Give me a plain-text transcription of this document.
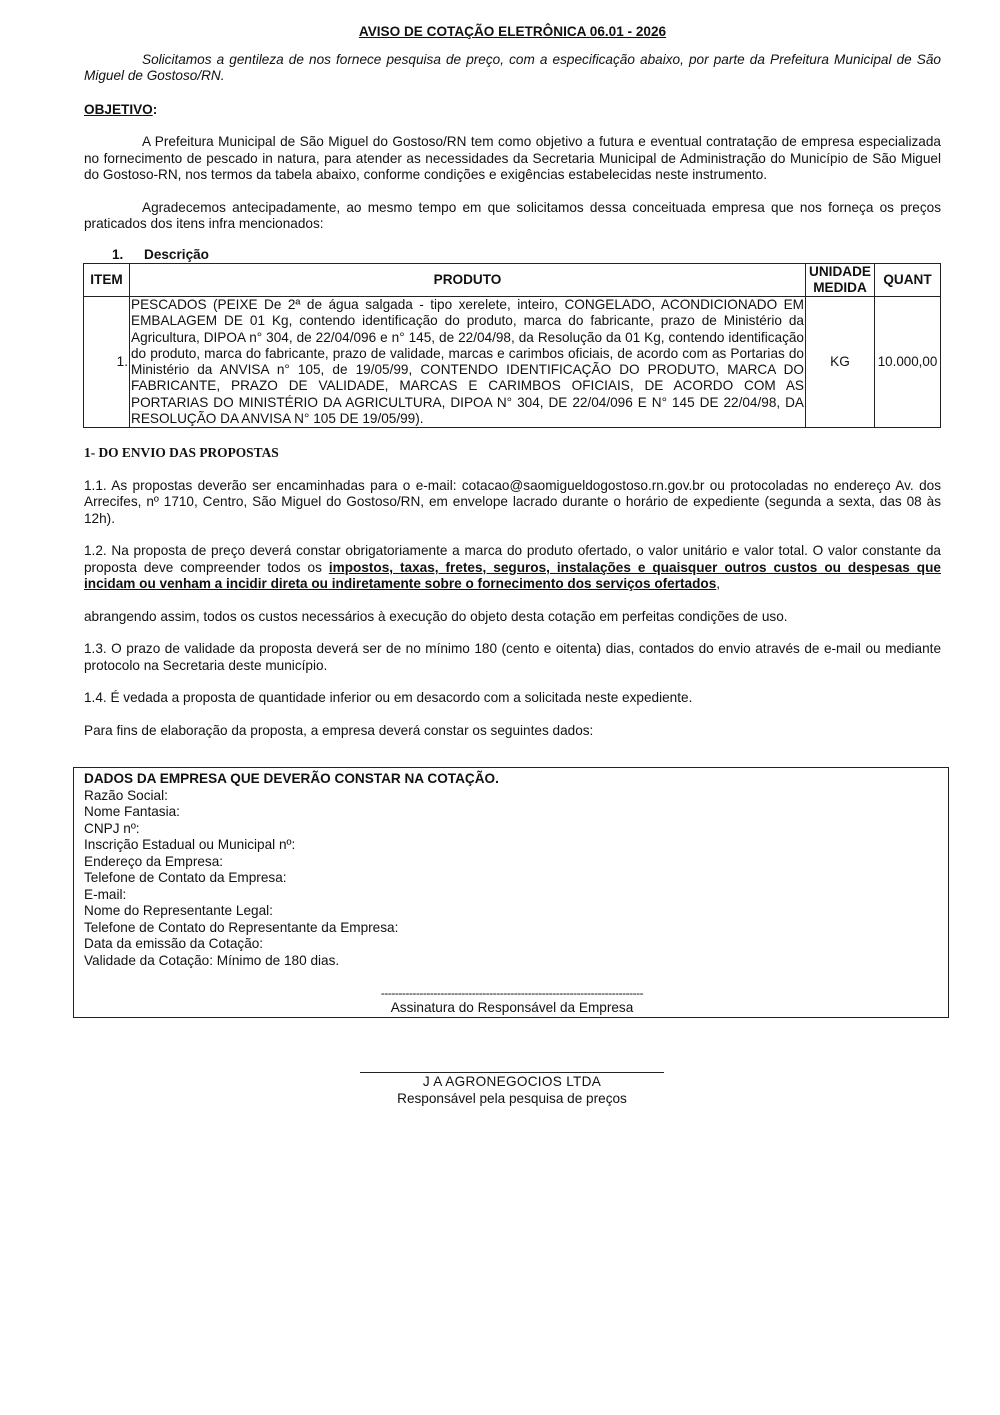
AVISO DE COTAÇÃO ELETRÔNICA 06.01 - 2026

Solicitamos a gentileza de nos fornece pesquisa de preço, com a especificação abaixo, por parte da Prefeitura Municipal de São Miguel de Gostoso/RN.

OBJETIVO:

A Prefeitura Municipal de São Miguel do Gostoso/RN tem como objetivo a futura e eventual contratação de empresa especializada no fornecimento de pescado in natura, para atender as necessidades da Secretaria Municipal de Administração do Município de São Miguel do Gostoso-RN, nos termos da tabela abaixo, conforme condições e exigências estabelecidas neste instrumento.

Agradecemos antecipadamente, ao mesmo tempo em que solicitamos dessa conceituada empresa que nos forneça os preços praticados dos itens infra mencionados:

1. Descrição
ITEM	PRODUTO	UNIDADE MEDIDA	QUANT
1.	PESCADOS (PEIXE De 2ª de água salgada - tipo xerelete, inteiro, CONGELADO, ACONDICIONADO EM EMBALAGEM DE 01 Kg, contendo identificação do produto, marca do fabricante, prazo de Ministério da Agricultura, DIPOA n° 304, de 22/04/096 e n° 145, de 22/04/98, da Resolução da 01 Kg, contendo identificação do produto, marca do fabricante, prazo de validade, marcas e carimbos oficiais, de acordo com as Portarias do Ministério da ANVISA n° 105, de 19/05/99, CONTENDO IDENTIFICAÇÃO DO PRODUTO, MARCA DO FABRICANTE, PRAZO DE VALIDADE, MARCAS E CARIMBOS OFICIAIS, DE ACORDO COM AS PORTARIAS DO MINISTÉRIO DA AGRICULTURA, DIPOA N° 304, DE 22/04/096 E N° 145 DE 22/04/98, DA RESOLUÇÃO DA ANVISA N° 105 DE 19/05/99).	KG	10.000,00
1- DO ENVIO DAS PROPOSTAS

1.1. As propostas deverão ser encaminhadas para o e-mail: cotacao@saomigueldogostoso.rn.gov.br ou protocoladas no endereço Av. dos Arrecifes, nº 1710, Centro, São Miguel do Gostoso/RN, em envelope lacrado durante o horário de expediente (segunda a sexta, das 08 às 12h).

1.2. Na proposta de preço deverá constar obrigatoriamente a marca do produto ofertado, o valor unitário e valor total. O valor constante da proposta deve compreender todos os impostos, taxas, fretes, seguros, instalações e quaisquer outros custos ou despesas que incidam ou venham a incidir direta ou indiretamente sobre o fornecimento dos serviços ofertados,

abrangendo assim, todos os custos necessários à execução do objeto desta cotação em perfeitas condições de uso.

1.3. O prazo de validade da proposta deverá ser de no mínimo 180 (cento e oitenta) dias, contados do envio através de e-mail ou mediante protocolo na Secretaria deste município.

1.4. É vedada a proposta de quantidade inferior ou em desacordo com a solicitada neste expediente.

Para fins de elaboração da proposta, a empresa deverá constar os seguintes dados:

DADOS DA EMPRESA QUE DEVERÃO CONSTAR NA COTAÇÃO.
Razão Social:
Nome Fantasia:
CNPJ nº:
Inscrição Estadual ou Municipal nº:
Endereço da Empresa:
Telefone de Contato da Empresa:
E-mail:
Nome do Representante Legal:
Telefone de Contato do Representante da Empresa:
Data da emissão da Cotação:
Validade da Cotação: Mínimo de 180 dias.
---------------------------------------------------------------------------
Assinatura do Responsável da Empresa
J A AGRONEGOCIOS LTDA
Responsável pela pesquisa de preços
